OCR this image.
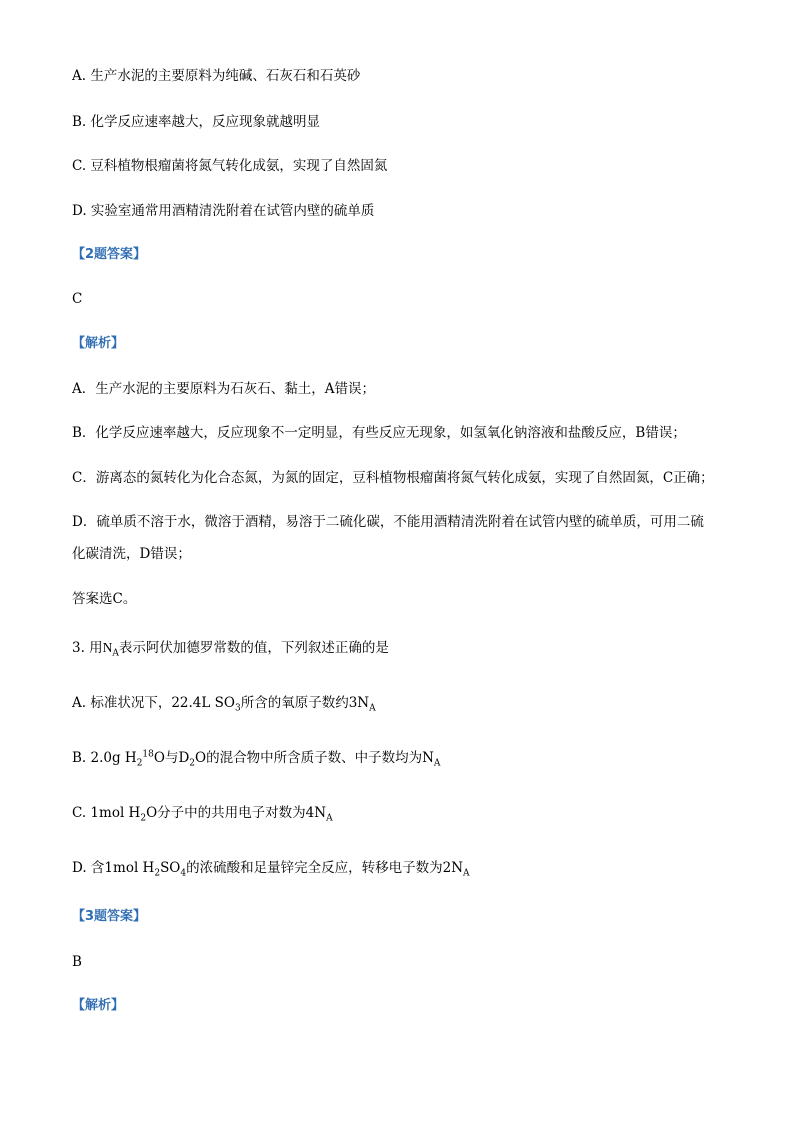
A. 生产水泥的主要原料为纯碱、石灰石和石英砂
B. 化学反应速率越大，反应现象就越明显
C. 豆科植物根瘤菌将氮气转化成氨，实现了自然固氮
D. 实验室通常用酒精清洗附着在试管内壁的硫单质
【2题答案】
C
【解析】
A．生产水泥的主要原料为石灰石、黏土，A错误；
B．化学反应速率越大，反应现象不一定明显，有些反应无现象，如氢氧化钠溶液和盐酸反应，B错误；
C．游离态的氮转化为化合态氮，为氮的固定，豆科植物根瘤菌将氮气转化成氨，实现了自然固氮，C正确；
D．硫单质不溶于水，微溶于酒精，易溶于二硫化碳，不能用酒精清洗附着在试管内壁的硫单质，可用二硫
化碳清洗，D错误；
答案选C。
3. 用$N_A$表示阿伏加德罗常数的值，下列叙述正确的是
A. 标准状况下，22.4L $SO_3$所含的氧原子数约$3N_A$
B. 2.0g $H_2^{18}O$与$D_2O$的混合物中所含质子数、中子数均为$N_A$
C. 1mol $H_2O$分子中的共用电子对数为$4N_A$
D. 含1mol $H_2SO_4$的浓硫酸和足量锌完全反应，转移电子数为$2N_A$
【3题答案】
B
【解析】
